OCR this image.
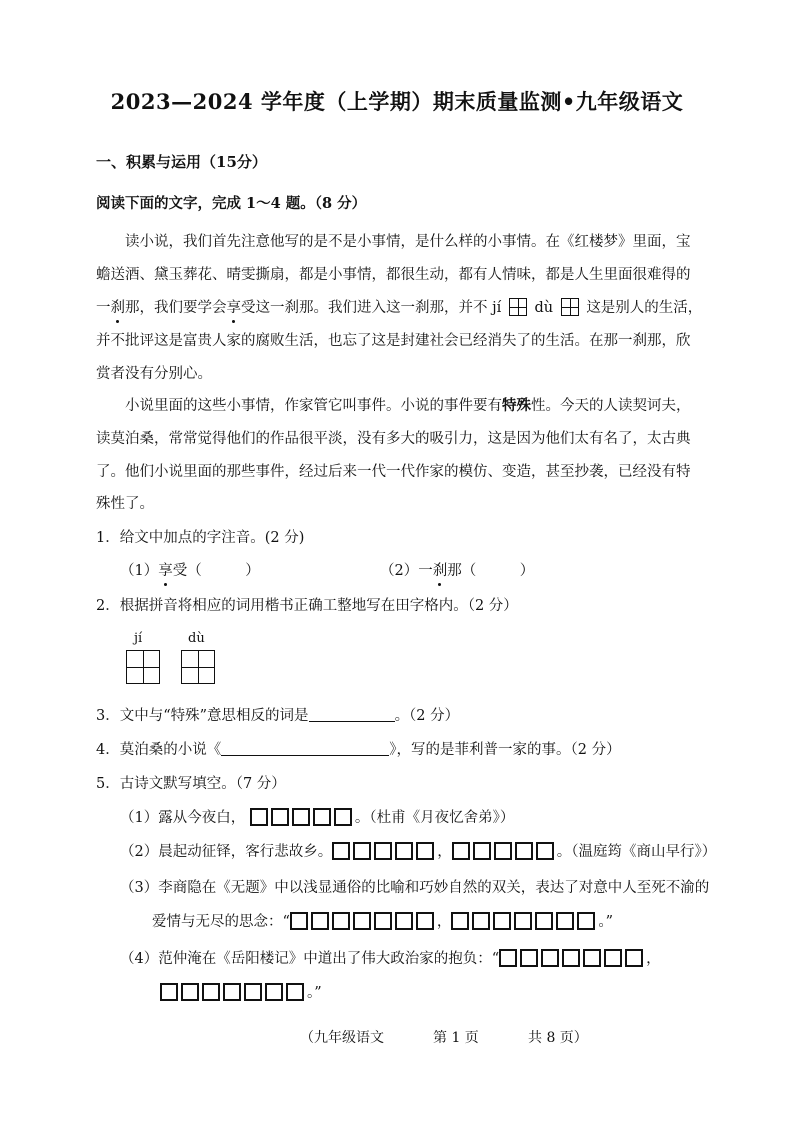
2023—2024 学年度（上学期）期末质量监测•九年级语文
一、积累与运用（15分）
阅读下面的文字，完成 1～4 题。（8 分）
读小说，我们首先注意他写的是不是小事情，是什么样的小事情。在《红楼梦》里面，宝
蟾送酒、黛玉葬花、晴雯撕扇，都是小事情，都很生动，都有人情味，都是人生里面很难得的
一刹那，我们要学会享受这一刹那。我们进入这一刹那，并不 jí dù 这是别人的生活，
并不批评这是富贵人家的腐败生活，也忘了这是封建社会已经消失了的生活。在那一刹那，欣
赏者没有分别心。
小说里面的这些小事情，作家管它叫事件。小说的事件要有特殊性。今天的人读契诃夫，
读莫泊桑，常常觉得他们的作品很平淡，没有多大的吸引力，这是因为他们太有名了，太古典
了。他们小说里面的那些事件，经过后来一代一代作家的模仿、变造，甚至抄袭，已经没有特
殊性了。
1．给文中加点的字注音。(2 分)
（1）享受（　　　）	（2）一刹那（　　　）
2．根据拼音将相应的词用楷书正确工整地写在田字格内。（2 分）
jí	dù
3．文中与“特殊”意思相反的词是	。（2 分）
4．莫泊桑的小说《	》，写的是菲利普一家的事。（2 分）
5．古诗文默写填空。（7 分）
（1）露从今夜白，	。（杜甫《月夜忆舍弟》）
（2）晨起动征铎，客行悲故乡。	，	。（温庭筠《商山早行》）
（3）李商隐在《无题》中以浅显通俗的比喻和巧妙自然的双关，表达了对意中人至死不渝的
爱情与无尽的思念：“	，	。”
（4）范仲淹在《岳阳楼记》中道出了伟大政治家的抱负：“	，
。”
（九年级语文	第 1 页	共 8 页）
